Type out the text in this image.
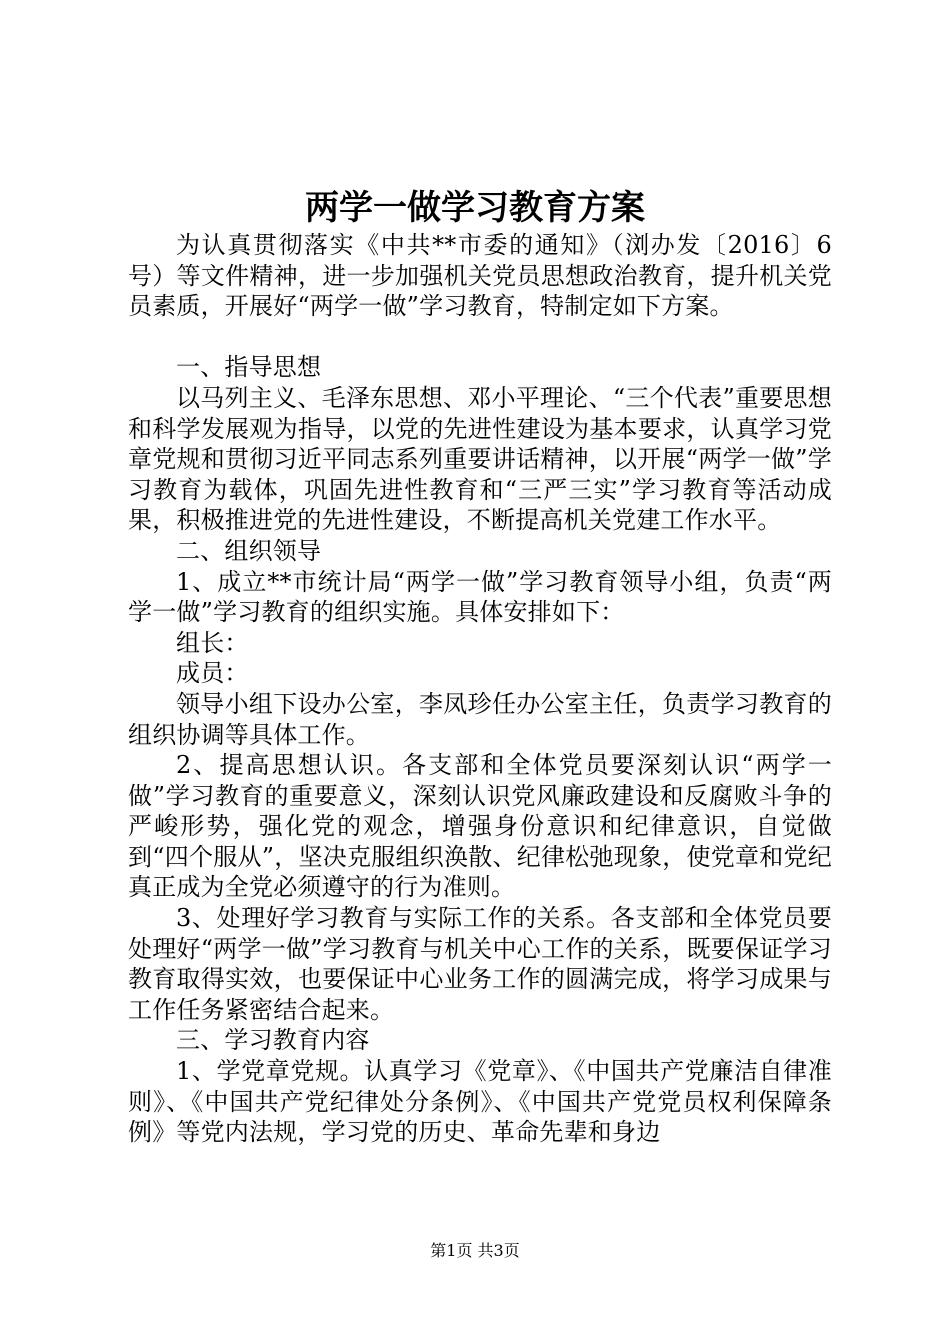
两学一做学习教育方案

为认真贯彻落实《中共**市委的通知》（浏办发〔2016〕6号）等文件精神，进一步加强机关党员思想政治教育，提升机关党员素质，开展好“两学一做”学习教育，特制定如下方案。

一、指导思想

以马列主义、毛泽东思想、邓小平理论、“三个代表”重要思想和科学发展观为指导，以党的先进性建设为基本要求，认真学习党章党规和贯彻习近平同志系列重要讲话精神，以开展“两学一做”学习教育为载体，巩固先进性教育和“三严三实”学习教育等活动成果，积极推进党的先进性建设，不断提高机关党建工作水平。

二、组织领导

1、成立**市统计局“两学一做”学习教育领导小组，负责“两学一做”学习教育的组织实施。具体安排如下：

组长：

成员：

领导小组下设办公室，李凤珍任办公室主任，负责学习教育的组织协调等具体工作。

2、提高思想认识。各支部和全体党员要深刻认识“两学一做”学习教育的重要意义，深刻认识党风廉政建设和反腐败斗争的严峻形势，强化党的观念，增强身份意识和纪律意识，自觉做到“四个服从”，坚决克服组织涣散、纪律松弛现象，使党章和党纪真正成为全党必须遵守的行为准则。

3、处理好学习教育与实际工作的关系。各支部和全体党员要处理好“两学一做”学习教育与机关中心工作的关系，既要保证学习教育取得实效，也要保证中心业务工作的圆满完成，将学习成果与工作任务紧密结合起来。

三、学习教育内容

1、学党章党规。认真学习《党章》、《中国共产党廉洁自律准则》、《中国共产党纪律处分条例》、《中国共产党党员权利保障条例》等党内法规，学习党的历史、革命先辈和身边

第1页 共3页
